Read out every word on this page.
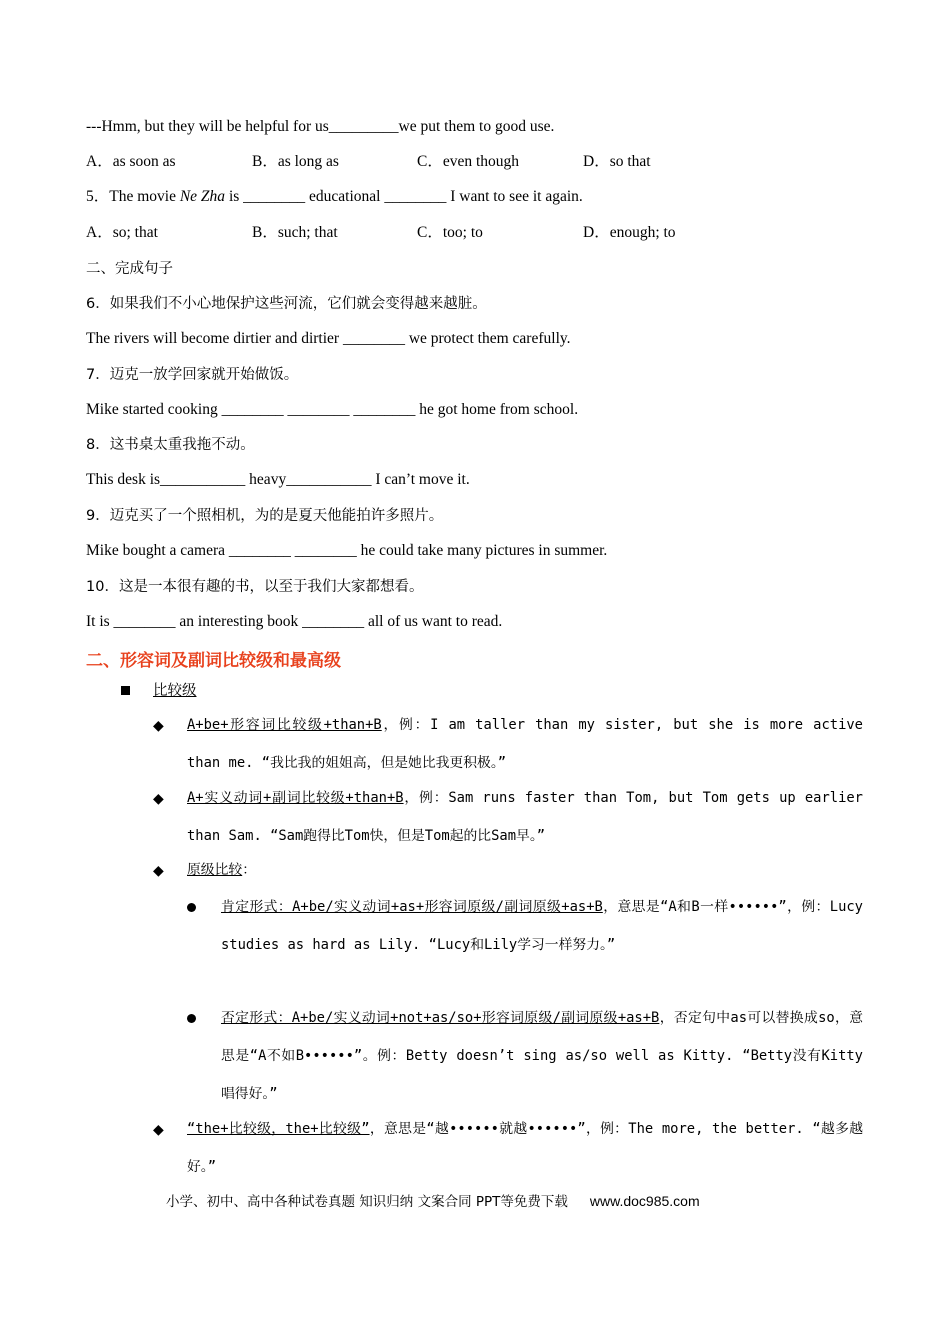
---Hmm, but they will be helpful for us_________we put them to good use.
A．as soon as	B．as long as	C．even though	D．so that
5．The movie Ne Zha is ________ educational ________ I want to see it again.
A．so; that	B．such; that	C．too; to	D．enough; to
二、完成句子
6．如果我们不小心地保护这些河流，它们就会变得越来越脏。
The rivers will become dirtier and dirtier ________ we protect them carefully.
7．迈克一放学回家就开始做饭。
Mike started cooking ________ ________ ________ he got home from school.
8．这书桌太重我拖不动。
This desk is___________ heavy___________ I can’t move it.
9．迈克买了一个照相机，为的是夏天他能拍许多照片。
Mike bought a camera ________ ________ he could take many pictures in summer.
10．这是一本很有趣的书，以至于我们大家都想看。
It is ________ an interesting book ________ all of us want to read.
二、形容词及副词比较级和最高级
比较级
◆ A+be+形容词比较级+than+B，例：I am taller than my sister, but she is more active than me. “我比我的姐姐高，但是她比我更积极。”
◆ A+实义动词+副词比较级+than+B，例：Sam runs faster than Tom, but Tom gets up earlier than Sam. “Sam跑得比Tom快，但是Tom起的比Sam早。”
◆ 原级比较：
肯定形式：A+be/实义动词+as+形容词原级/副词原级+as+B，意思是“A和B一样••••••”，例：Lucy studies as hard as Lily. “Lucy和Lily学习一样努力。”
否定形式：A+be/实义动词+not+as/so+形容词原级/副词原级+as+B，否定句中as可以替换成so，意思是“A不如B••••••”。例：Betty doesn’t sing as/so well as Kitty. “Betty没有Kitty唱得好。”
◆ “the+比较级，the+比较级”，意思是“越••••••就越••••••”，例：The more, the better. “越多越好。”
小学、初中、高中各种试卷真题 知识归纳 文案合同 PPT等免费下载 www.doc985.com
